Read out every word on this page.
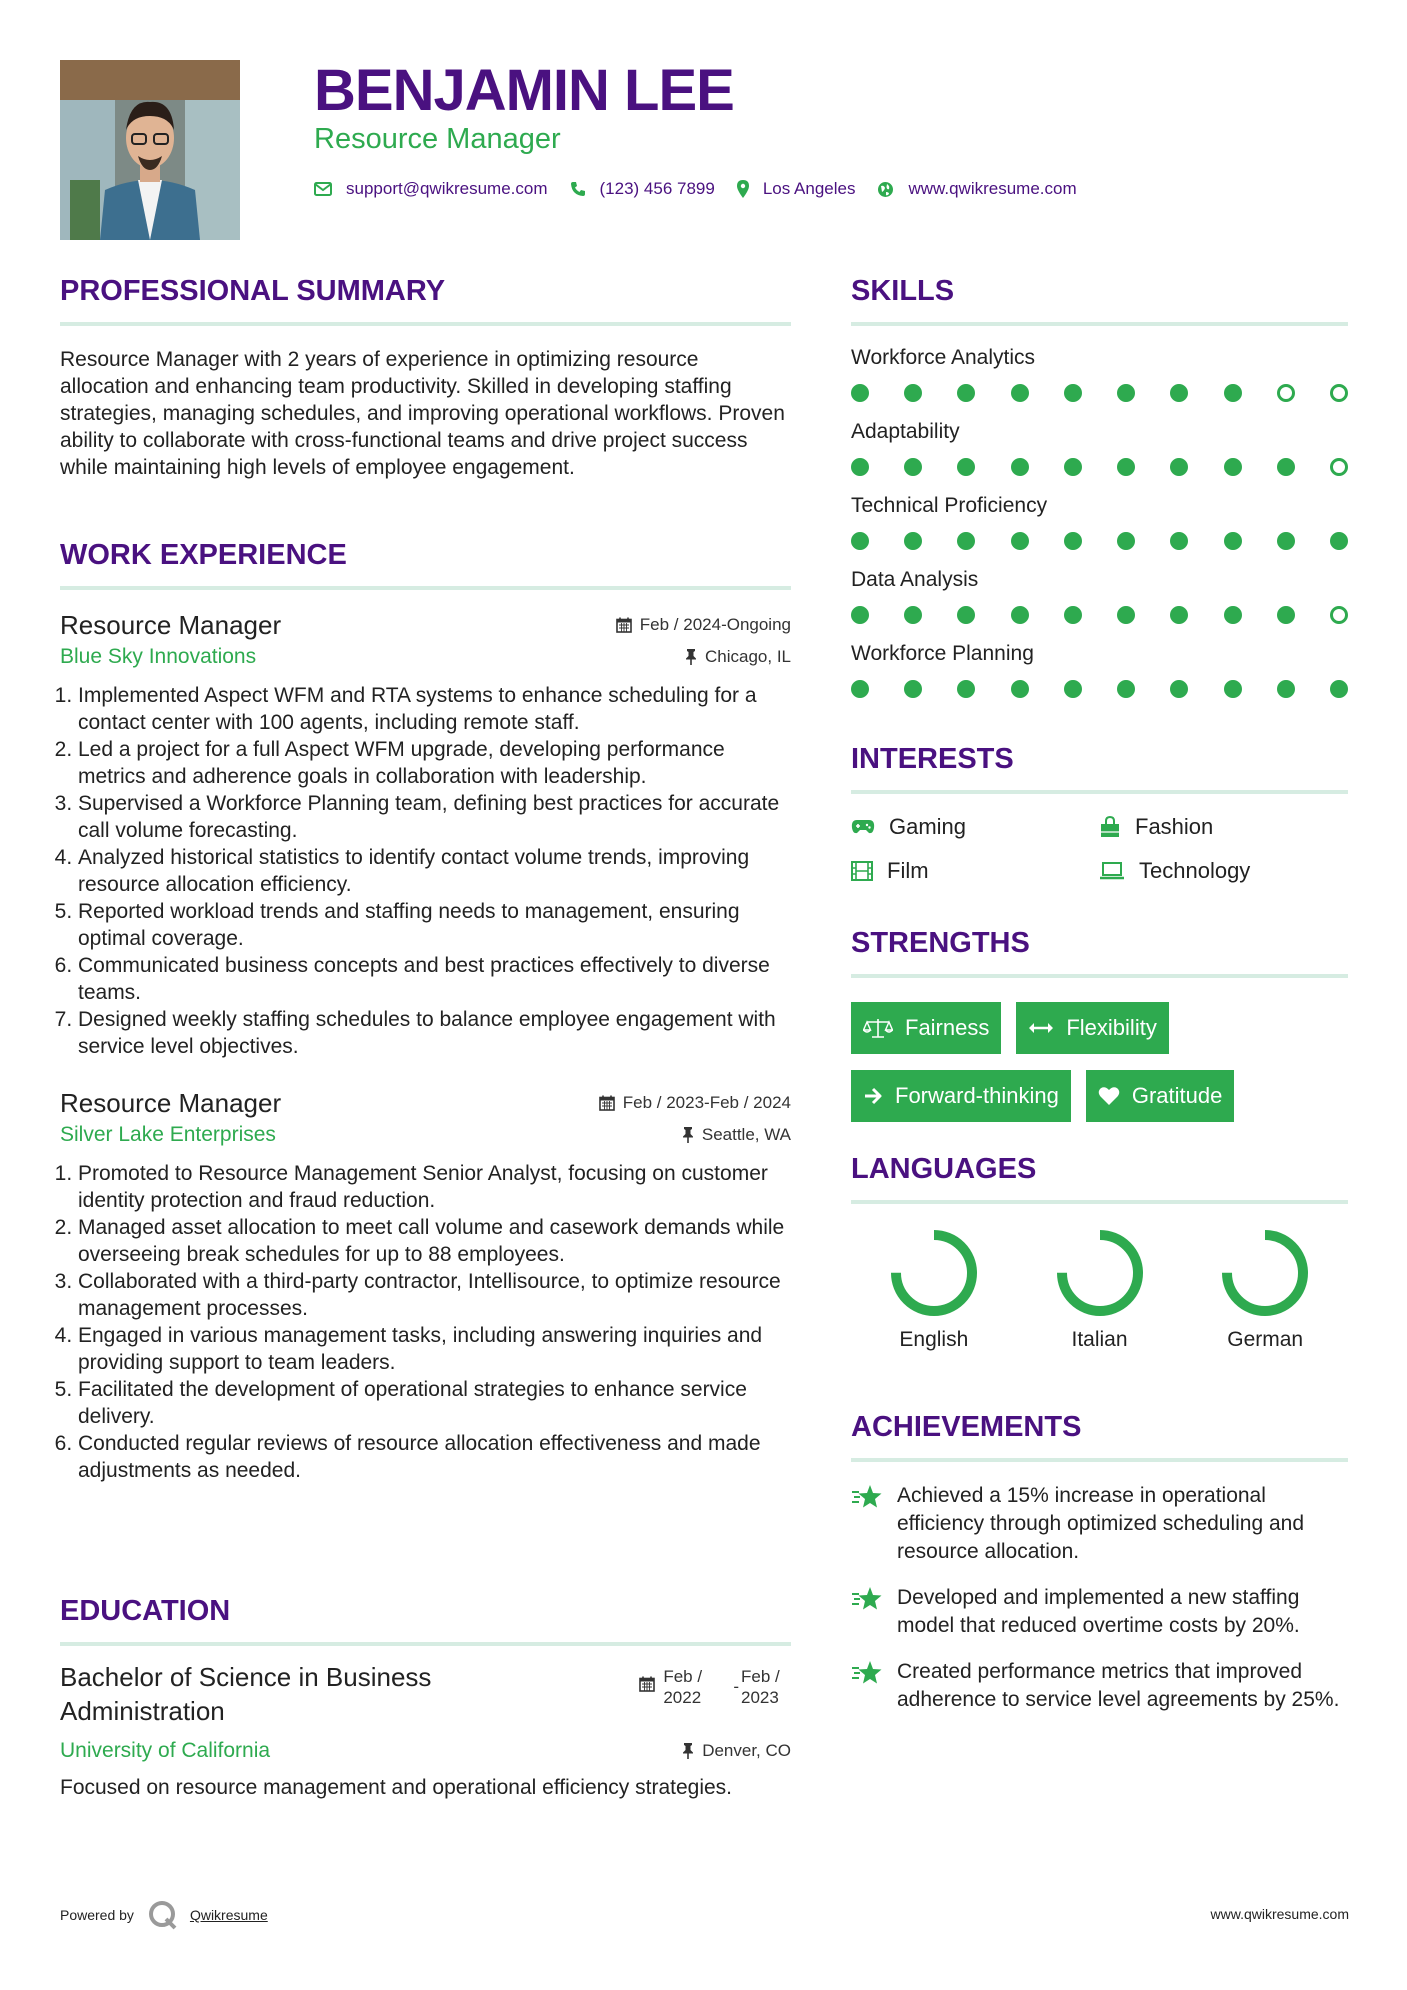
BENJAMIN LEE
Resource Manager
support@qwikresume.com	(123) 456 7899	Los Angeles	www.qwikresume.com
PROFESSIONAL SUMMARY

Resource Manager with 2 years of experience in optimizing resource allocation and enhancing team productivity. Skilled in developing staffing strategies, managing schedules, and improving operational workflows. Proven ability to collaborate with cross-functional teams and drive project success while maintaining high levels of employee engagement.

WORK EXPERIENCE
Resource Manager	Feb / 2024-Ongoing
Blue Sky Innovations	Chicago, IL
1. Implemented Aspect WFM and RTA systems to enhance scheduling for a contact center with 100 agents, including remote staff.
2. Led a project for a full Aspect WFM upgrade, developing performance metrics and adherence goals in collaboration with leadership.
3. Supervised a Workforce Planning team, defining best practices for accurate call volume forecasting.
4. Analyzed historical statistics to identify contact volume trends, improving resource allocation efficiency.
5. Reported workload trends and staffing needs to management, ensuring optimal coverage.
6. Communicated business concepts and best practices effectively to diverse teams.
7. Designed weekly staffing schedules to balance employee engagement with service level objectives.
Resource Manager	Feb / 2023-Feb / 2024
Silver Lake Enterprises	Seattle, WA
1. Promoted to Resource Management Senior Analyst, focusing on customer identity protection and fraud reduction.
2. Managed asset allocation to meet call volume and casework demands while overseeing break schedules for up to 88 employees.
3. Collaborated with a third-party contractor, Intellisource, to optimize resource management processes.
4. Engaged in various management tasks, including answering inquiries and providing support to team leaders.
5. Facilitated the development of operational strategies to enhance service delivery.
6. Conducted regular reviews of resource allocation effectiveness and made adjustments as needed.
EDUCATION
Bachelor of Science in Business Administration
Feb / 2022
-
Feb / 2023
University of California	Denver, CO

Focused on resource management and operational efficiency strategies.

SKILLS
Workforce Analytics
Adaptability
Technical Proficiency
Data Analysis
Workforce Planning
INTERESTS
Gaming	Fashion
Film	Technology
STRENGTHS
Fairness	Flexibility
Forward-thinking	Gratitude
LANGUAGES
English	Italian	German
ACHIEVEMENTS
Achieved a 15% increase in operational efficiency through optimized scheduling and resource allocation.
Developed and implemented a new staffing model that reduced overtime costs by 20%.
Created performance metrics that improved adherence to service level agreements by 25%.
Powered by	Qwikresume	www.qwikresume.com
